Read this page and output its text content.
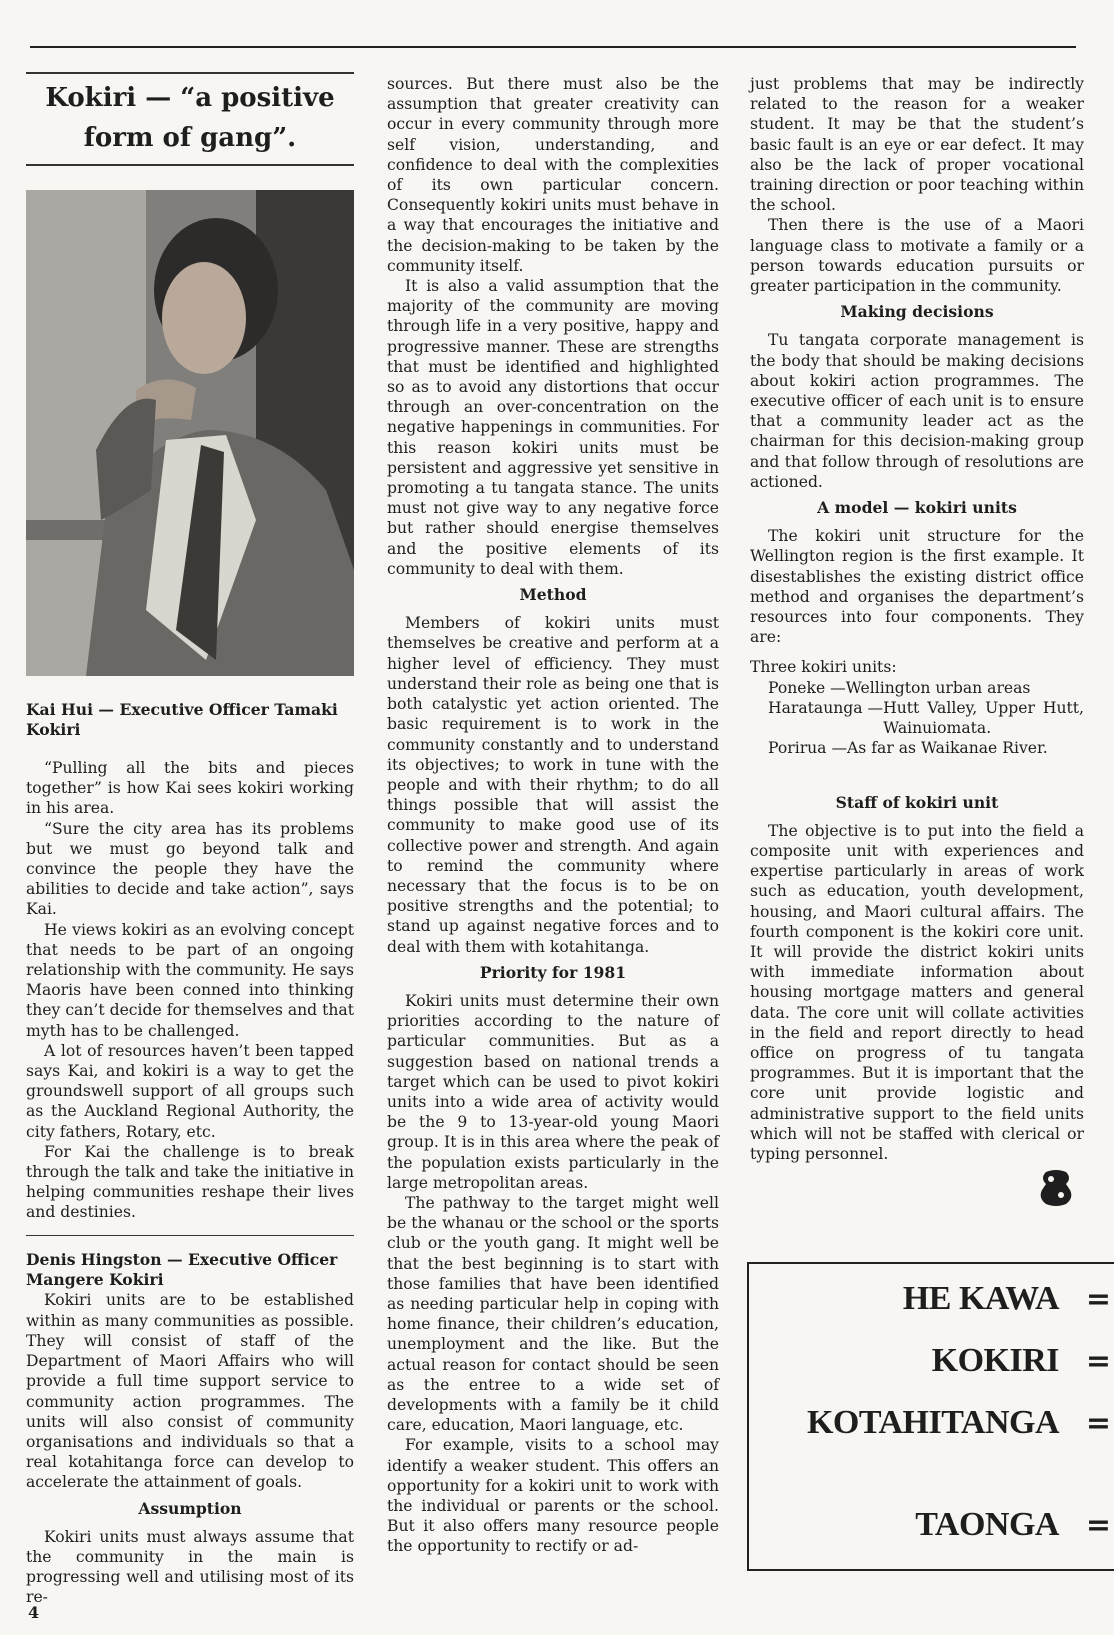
Kokiri — “a positive
form of gang”.
Kai Hui — Executive Officer Tamaki Kokiri

“Pulling all the bits and pieces together” is how Kai sees kokiri working in his area.

“Sure the city area has its problems but we must go beyond talk and convince the people they have the abilities to decide and take action”, says Kai.

He views kokiri as an evolving concept that needs to be part of an ongoing relationship with the community. He says Maoris have been conned into thinking they can’t decide for themselves and that myth has to be challenged.

A lot of resources haven’t been tapped says Kai, and kokiri is a way to get the groundswell support of all groups such as the Auckland Regional Authority, the city fathers, Rotary, etc.

For Kai the challenge is to break through the talk and take the initiative in helping communities reshape their lives and destinies.

Denis Hingston — Executive Officer Mangere Kokiri

Kokiri units are to be established within as many communities as possible. They will consist of staff of the Department of Maori Affairs who will provide a full time support service to community action programmes. The units will also consist of community organisations and individuals so that a real kotahitanga force can develop to accelerate the attainment of goals.

Assumption

Kokiri units must always assume that the community in the main is progressing well and utilising most of its re-

sources. But there must also be the assumption that greater creativity can occur in every community through more self vision, understanding, and confidence to deal with the complexities of its own particular concern. Consequently kokiri units must behave in a way that encourages the initiative and the decision-making to be taken by the community itself.

It is also a valid assumption that the majority of the community are moving through life in a very positive, happy and progressive manner. These are strengths that must be identified and highlighted so as to avoid any distortions that occur through an over-concentration on the negative happenings in communities. For this reason kokiri units must be persistent and aggressive yet sensitive in promoting a tu tangata stance. The units must not give way to any negative force but rather should energise themselves and the positive elements of its community to deal with them.

Method

Members of kokiri units must themselves be creative and perform at a higher level of efficiency. They must understand their role as being one that is both catalystic yet action oriented. The basic requirement is to work in the community constantly and to understand its objectives; to work in tune with the people and with their rhythm; to do all things possible that will assist the community to make good use of its collective power and strength. And again to remind the community where necessary that the focus is to be on positive strengths and the potential; to stand up against negative forces and to deal with them with kotahitanga.

Priority for 1981

Kokiri units must determine their own priorities according to the nature of particular communities. But as a suggestion based on national trends a target which can be used to pivot kokiri units into a wide area of activity would be the 9 to 13-year-old young Maori group. It is in this area where the peak of the population exists particularly in the large metropolitan areas.

The pathway to the target might well be the whanau or the school or the sports club or the youth gang. It might well be that the best beginning is to start with those families that have been identified as needing particular help in coping with home finance, their children’s education, unemployment and the like. But the actual reason for contact should be seen as the entree to a wide set of developments with a family be it child care, education, Maori language, etc.

For example, visits to a school may identify a weaker student. This offers an opportunity for a kokiri unit to work with the individual or parents or the school. But it also offers many resource people the opportunity to rectify or ad-

just problems that may be indirectly related to the reason for a weaker student. It may be that the student’s basic fault is an eye or ear defect. It may also be the lack of proper vocational training direction or poor teaching within the school.

Then there is the use of a Maori language class to motivate a family or a person towards education pursuits or greater participation in the community.

Making decisions

Tu tangata corporate management is the body that should be making decisions about kokiri action programmes. The executive officer of each unit is to ensure that a community leader act as the chairman for this decision-making group and that follow through of resolutions are actioned.

A model — kokiri units

The kokiri unit structure for the Wellington region is the first example. It disestablishes the existing district office method and organises the department’s resources into four components. They are:

Three kokiri units:
Poneke — Wellington urban areas
Harataunga — Hutt Valley, Upper Hutt, Wainuiomata.
Porirua — As far as Waikanae River.
Staff of kokiri unit

The objective is to put into the field a composite unit with experiences and expertise particularly in areas of work such as education, youth development, housing, and Maori cultural affairs. The fourth component is the kokiri core unit. It will provide the district kokiri units with immediate information about housing mortgage matters and general data. The core unit will collate activities in the field and report directly to head office on progress of tu tangata programmes. But it is important that the core unit provide logistic and administrative support to the field units which will not be staffed with clerical or typing personnel.

HE KAWA =
KOKIRI =
KOTAHITANGA =
TAONGA =
4
